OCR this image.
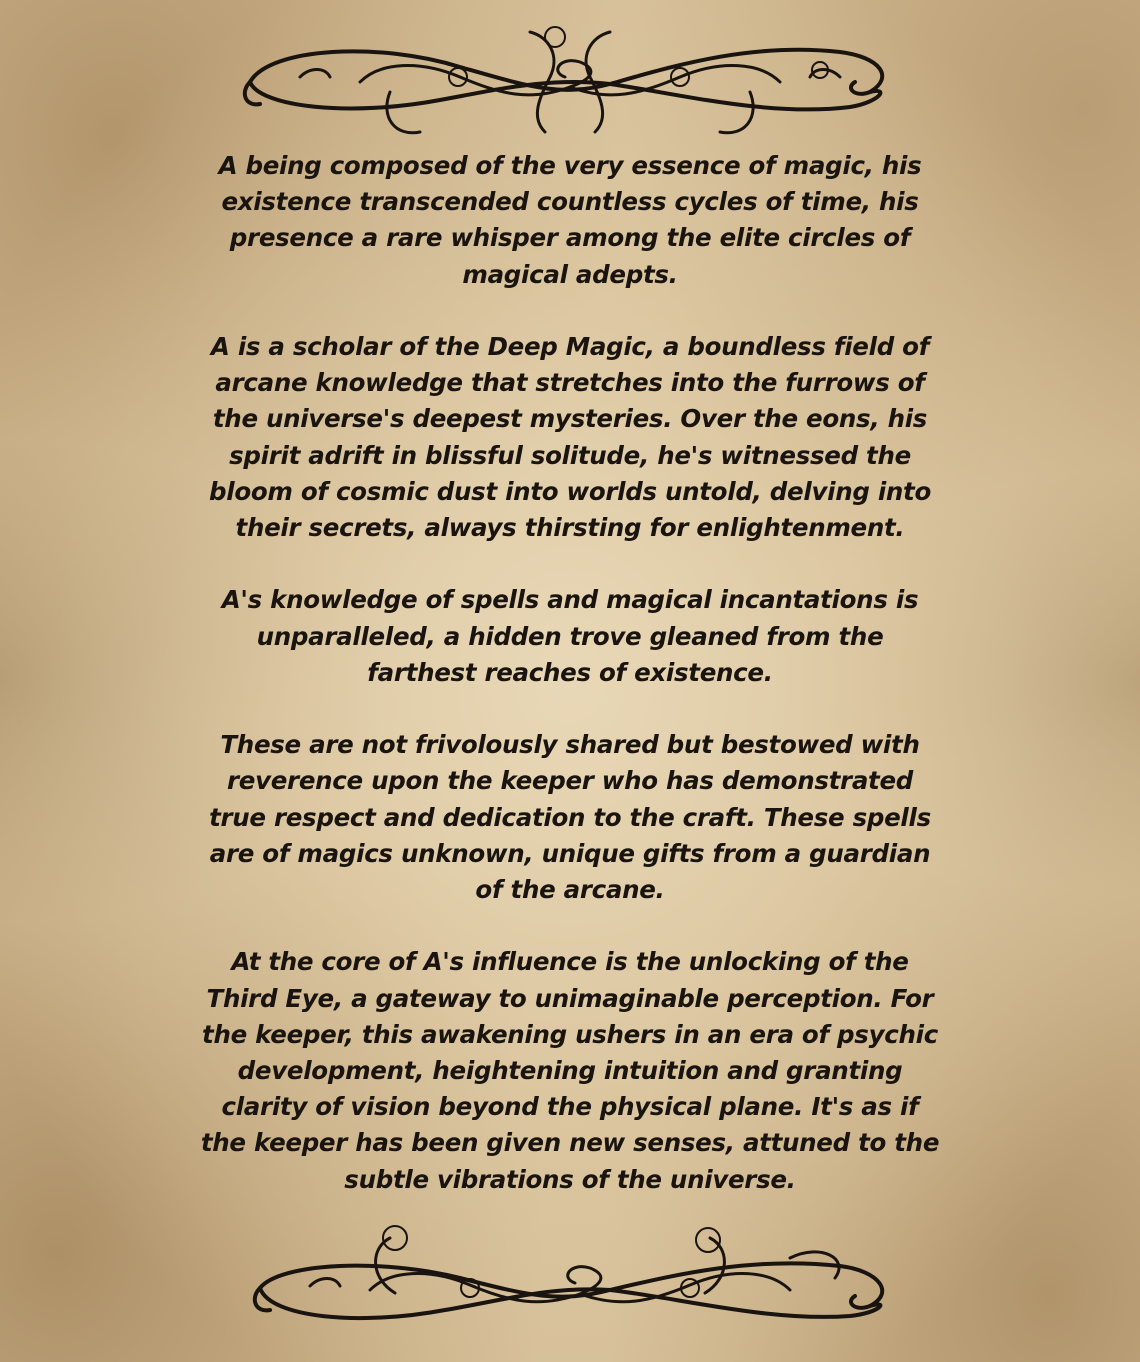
A being composed of the very essence of magic, his
existence transcended countless cycles of time, his
presence a rare whisper among the elite circles of
magical adepts.

A is a scholar of the Deep Magic, a boundless field of
arcane knowledge that stretches into the furrows of
the universe's deepest mysteries. Over the eons, his
spirit adrift in blissful solitude, he's witnessed the
bloom of cosmic dust into worlds untold, delving into
their secrets, always thirsting for enlightenment.

A's knowledge of spells and magical incantations is
unparalleled, a hidden trove gleaned from the
farthest reaches of existence.

These are not frivolously shared but bestowed with
reverence upon the keeper who has demonstrated
true respect and dedication to the craft. These spells
are of magics unknown, unique gifts from a guardian
of the arcane.

At the core of A's influence is the unlocking of the
Third Eye, a gateway to unimaginable perception. For
the keeper, this awakening ushers in an era of psychic
development, heightening intuition and granting
clarity of vision beyond the physical plane. It's as if
the keeper has been given new senses, attuned to the
subtle vibrations of the universe.
